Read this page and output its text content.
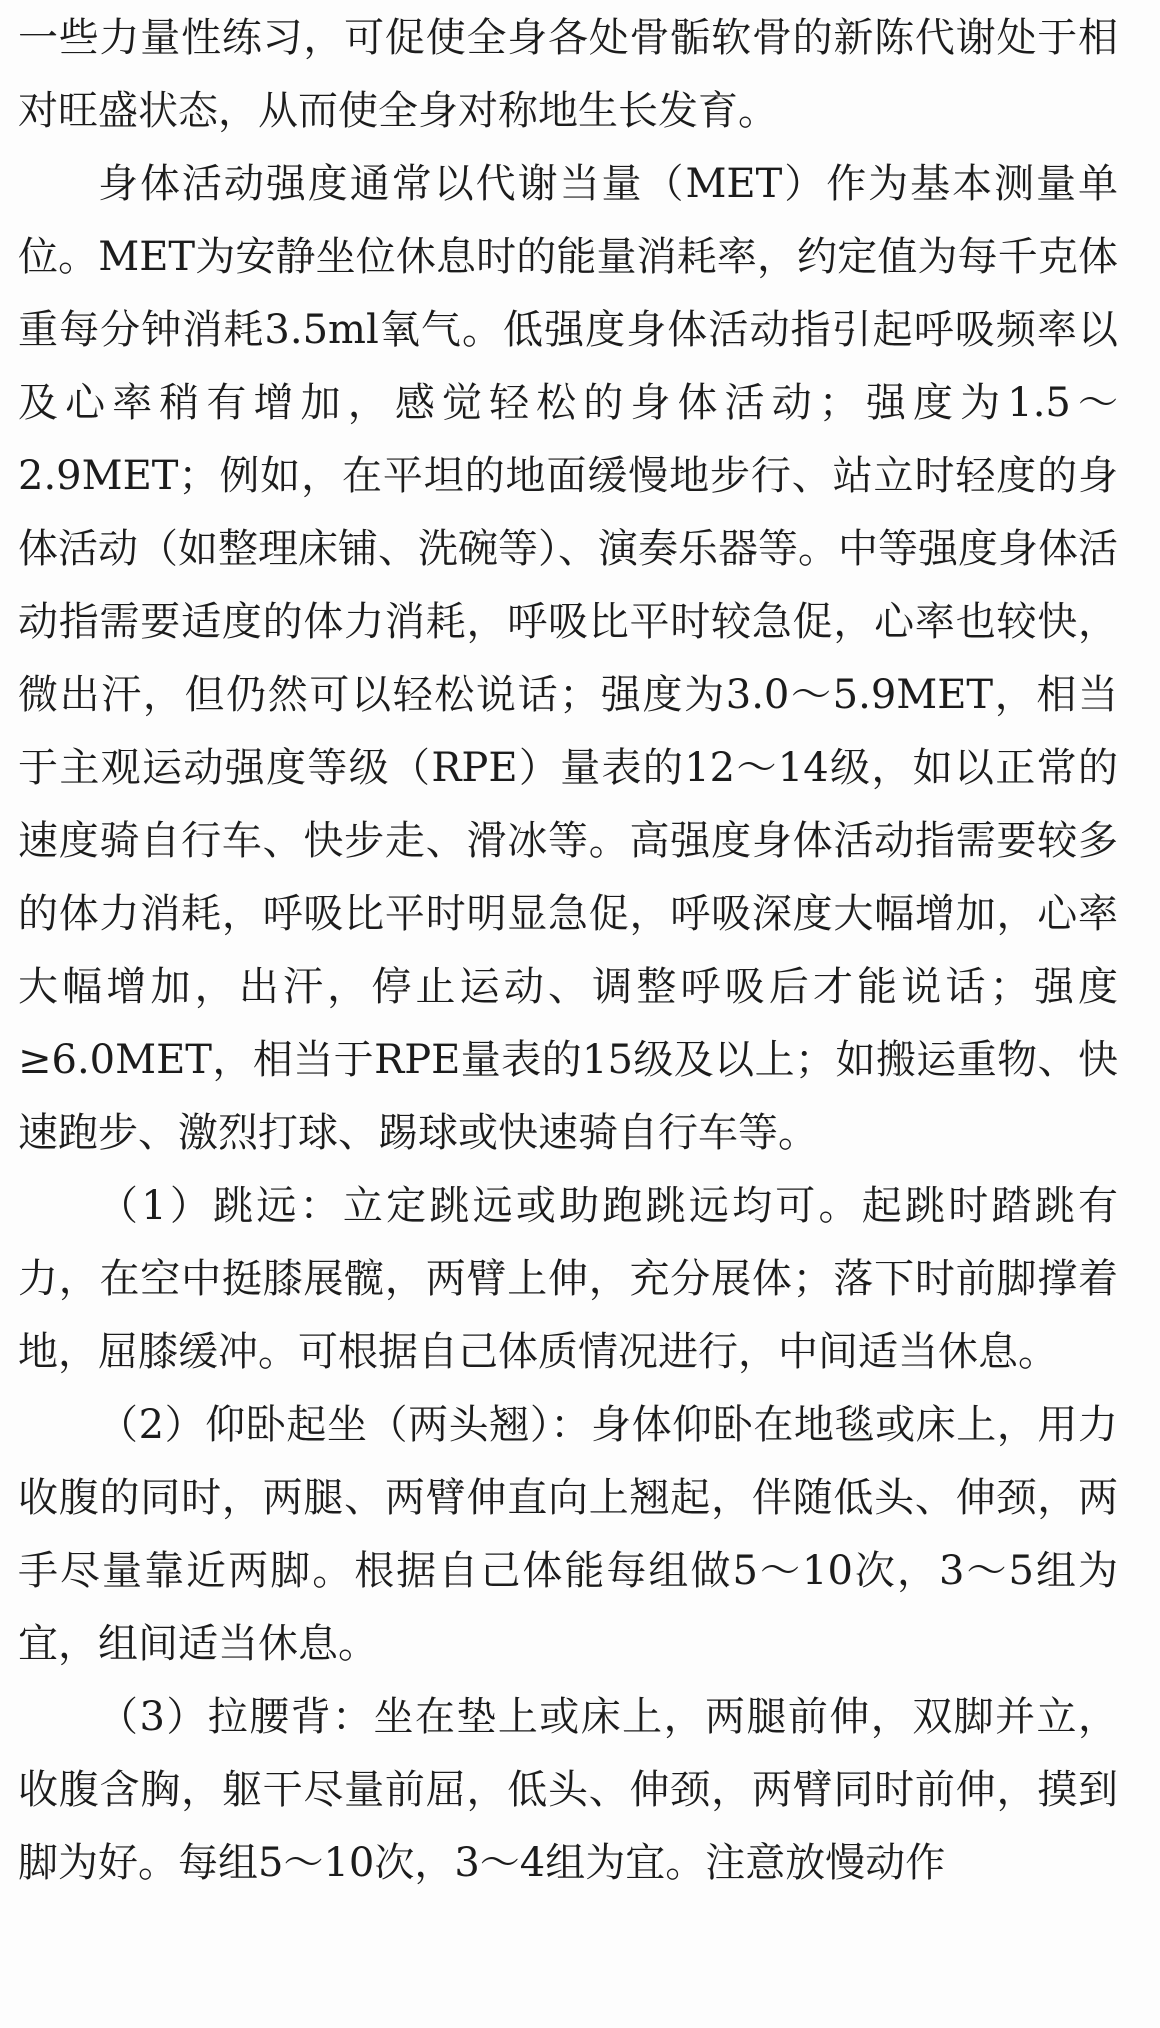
一些力量性练习，可促使全身各处骨骺软骨的新陈代谢处于相对旺盛状态，从而使全身对称地生长发育。

身体活动强度通常以代谢当量（MET）作为基本测量单位。MET为安静坐位休息时的能量消耗率，约定值为每千克体重每分钟消耗3.5ml氧气。低强度身体活动指引起呼吸频率以及心率稍有增加，感觉轻松的身体活动；强度为1.5～2.9MET；例如，在平坦的地面缓慢地步行、站立时轻度的身体活动（如整理床铺、洗碗等）、演奏乐器等。中等强度身体活动指需要适度的体力消耗，呼吸比平时较急促，心率也较快，微出汗，但仍然可以轻松说话；强度为3.0～5.9MET，相当于主观运动强度等级（RPE）量表的12～14级，如以正常的速度骑自行车、快步走、滑冰等。高强度身体活动指需要较多的体力消耗，呼吸比平时明显急促，呼吸深度大幅增加，心率大幅增加，出汗，停止运动、调整呼吸后才能说话；强度≥6.0MET，相当于RPE量表的15级及以上；如搬运重物、快速跑步、激烈打球、踢球或快速骑自行车等。

（1）跳远：立定跳远或助跑跳远均可。起跳时踏跳有力，在空中挺膝展髋，两臂上伸，充分展体；落下时前脚撑着地，屈膝缓冲。可根据自己体质情况进行，中间适当休息。

（2）仰卧起坐（两头翘）：身体仰卧在地毯或床上，用力收腹的同时，两腿、两臂伸直向上翘起，伴随低头、伸颈，两手尽量靠近两脚。根据自己体能每组做5～10次，3～5组为宜，组间适当休息。

（3）拉腰背：坐在垫上或床上，两腿前伸，双脚并立，收腹含胸，躯干尽量前屈，低头、伸颈，两臂同时前伸，摸到脚为好。每组5～10次，3～4组为宜。注意放慢动作
